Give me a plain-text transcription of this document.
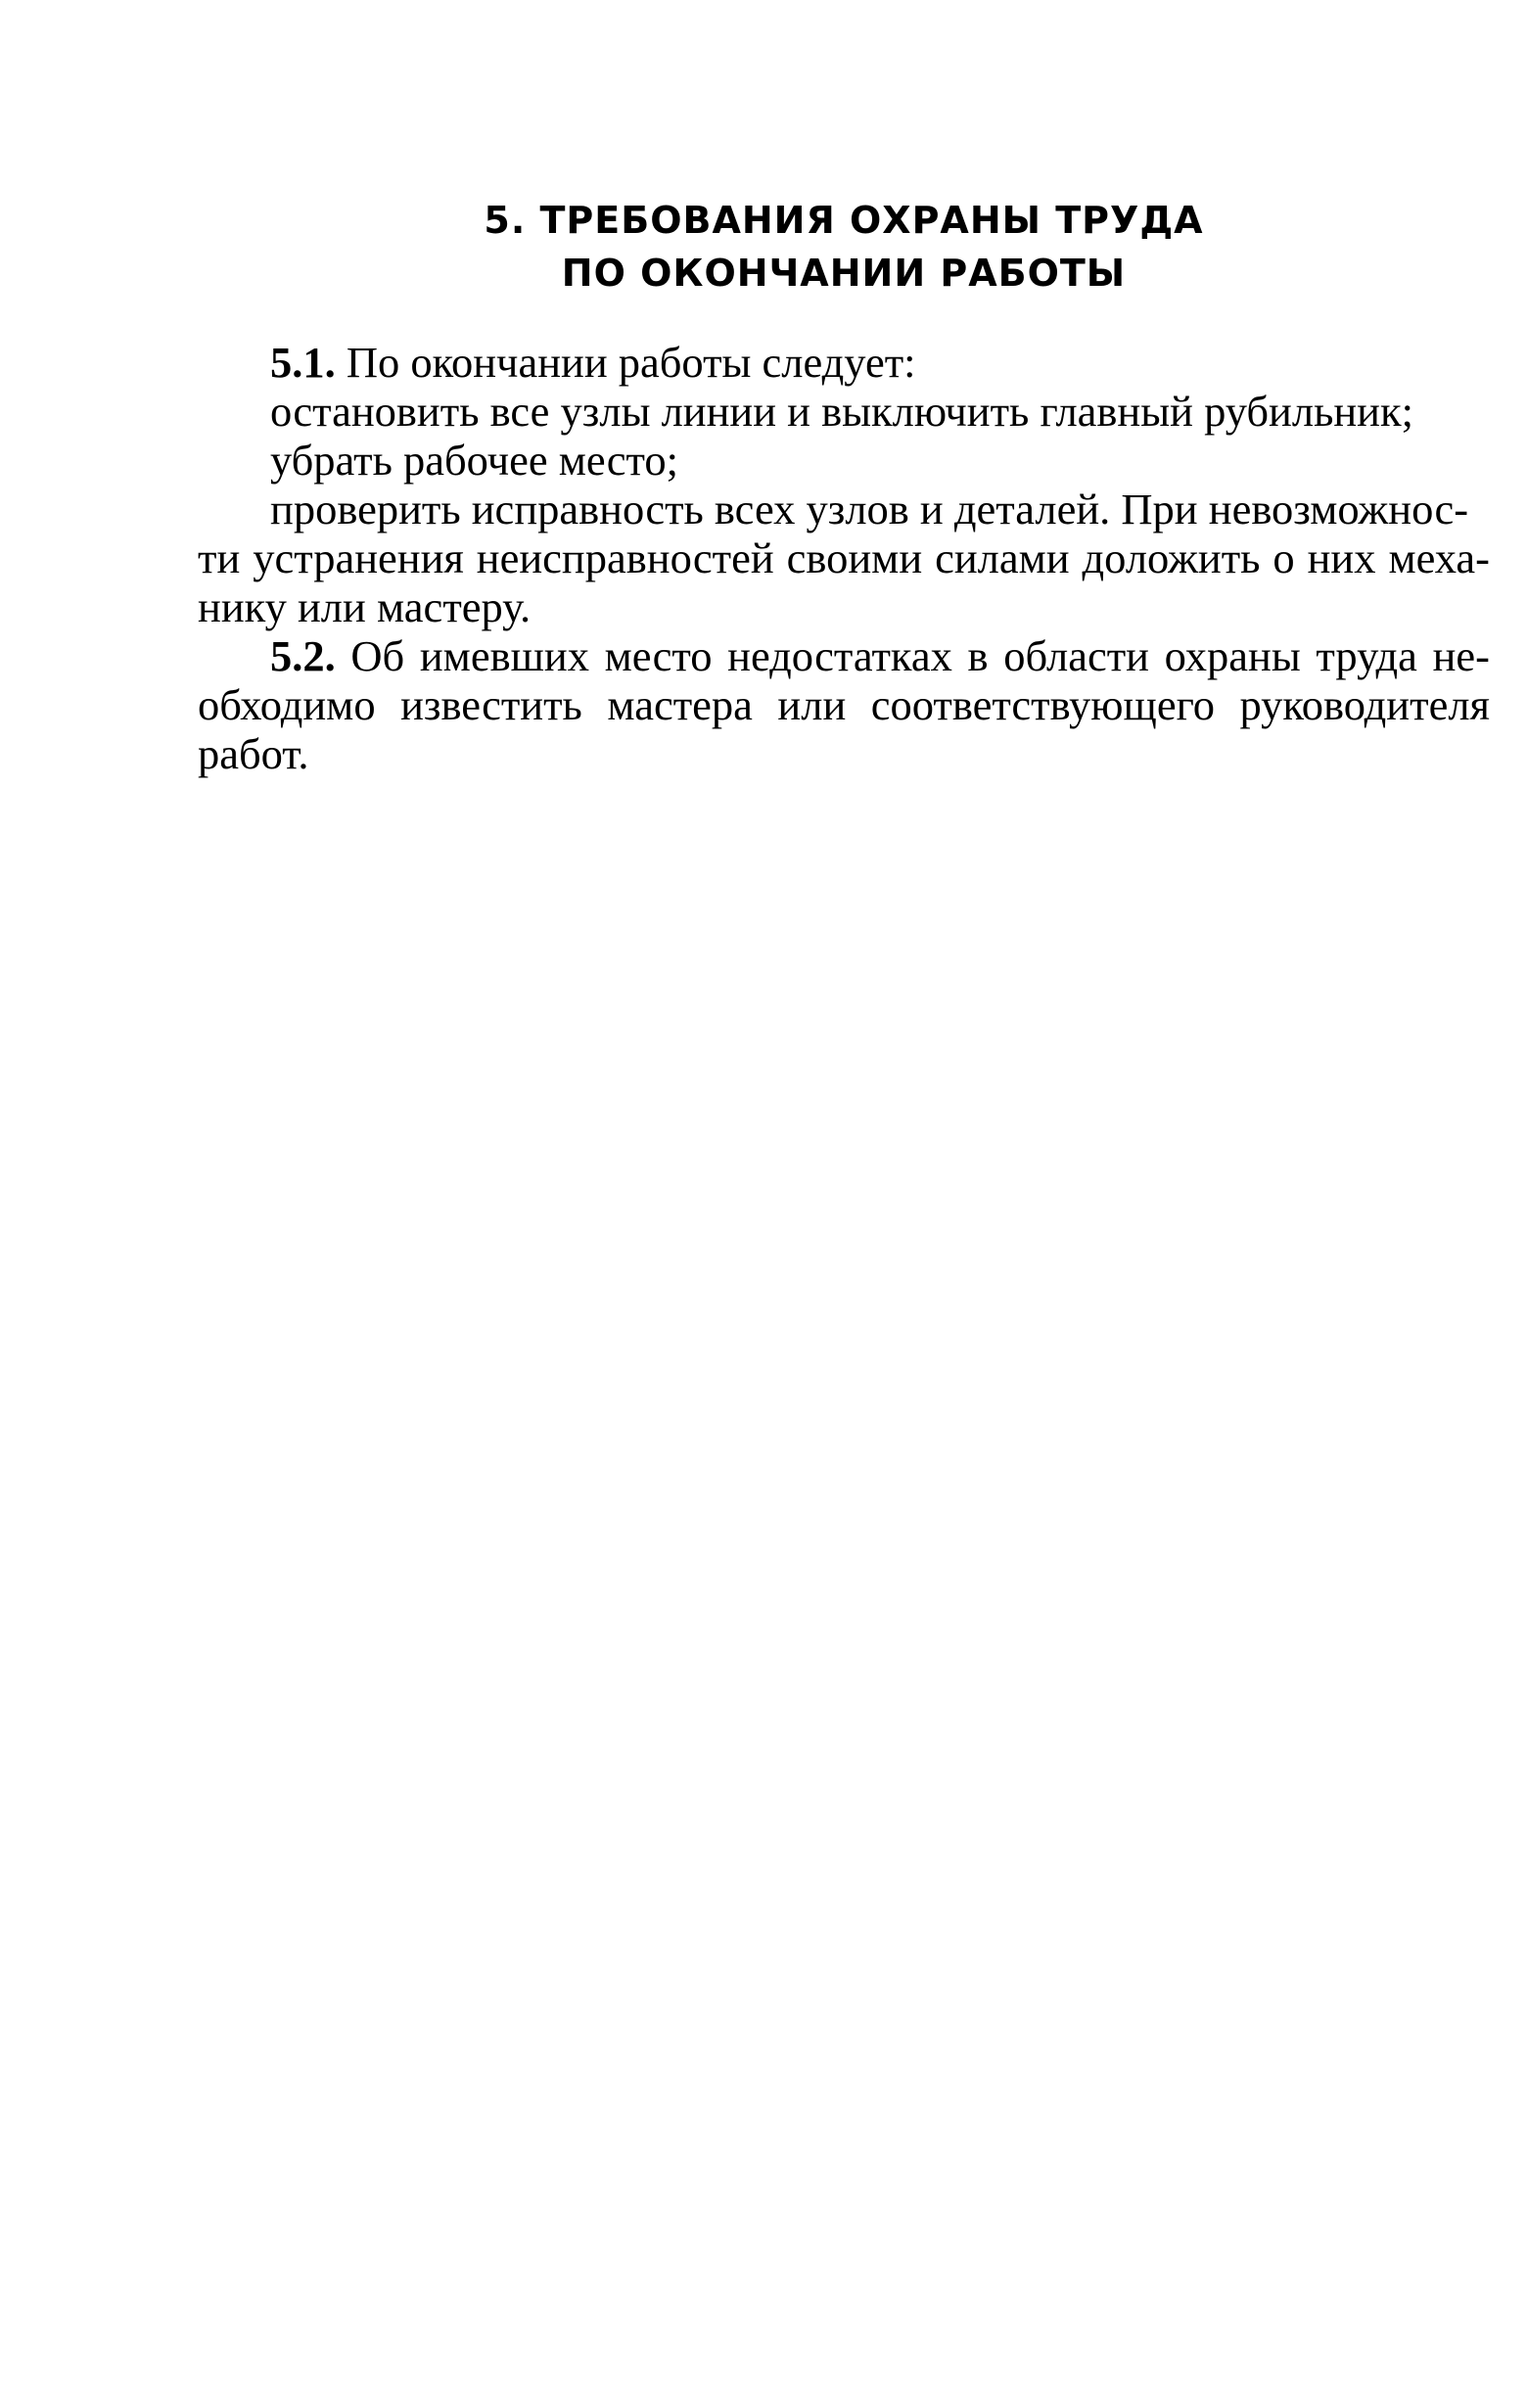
5. ТРЕБОВАНИЯ ОХРАНЫ ТРУДА
ПО ОКОНЧАНИИ РАБОТЫ

5.1. По окончании работы следует:

остановить все узлы линии и выключить главный рубильник;

убрать рабочее место;

проверить исправность всех узлов и деталей. При невозможнос-

ти устранения неисправностей своими силами доложить о них меха-

нику или мастеру.

5.2. Об имевших место недостатках в области охраны труда не-

обходимо известить мастера или соответствующего руководителя

работ.
